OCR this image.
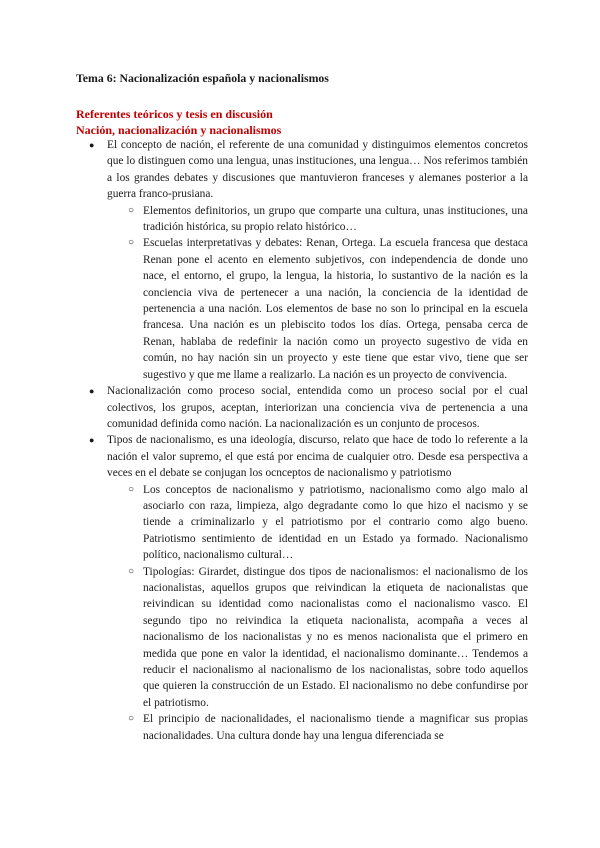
Tema 6: Nacionalización española y nacionalismos
Referentes teóricos y tesis en discusión
Nación, nacionalización y nacionalismos

● El concepto de nación, el referente de una comunidad y distinguimos elementos concretos que lo distinguen como una lengua, unas instituciones, una lengua… Nos referimos también a los grandes debates y discusiones que mantuvieron franceses y alemanes posterior a la guerra franco-prusiana.

○ Elementos definitorios, un grupo que comparte una cultura, unas instituciones, una tradición histórica, su propio relato histórico…

○ Escuelas interpretativas y debates: Renan, Ortega. La escuela francesa que destaca Renan pone el acento en elemento subjetivos, con independencia de donde uno nace, el entorno, el grupo, la lengua, la historia, lo sustantivo de la nación es la conciencia viva de pertenecer a una nación, la conciencia de la identidad de pertenencia a una nación. Los elementos de base no son lo principal en la escuela francesa. Una nación es un plebiscito todos los días. Ortega, pensaba cerca de Renan, hablaba de redefinir la nación como un proyecto sugestivo de vida en común, no hay nación sin un proyecto y este tiene que estar vivo, tiene que ser sugestivo y que me llame a realizarlo. La nación es un proyecto de convivencia.

● Nacionalización como proceso social, entendida como un proceso social por el cual colectivos, los grupos, aceptan, interiorizan una conciencia viva de pertenencia a una comunidad definida como nación. La nacionalización es un conjunto de procesos.

● Tipos de nacionalismo, es una ideología, discurso, relato que hace de todo lo referente a la nación el valor supremo, el que está por encima de cualquier otro. Desde esa perspectiva a veces en el debate se conjugan los ocnceptos de nacionalismo y patriotismo

○ Los conceptos de nacionalismo y patriotismo, nacionalismo como algo malo al asociarlo con raza, limpieza, algo degradante como lo que hizo el nacismo y se tiende a criminalizarlo y el patriotismo por el contrario como algo bueno. Patriotismo sentimiento de identidad en un Estado ya formado. Nacionalismo político, nacionalismo cultural…

○ Tipologías: Girardet, distingue dos tipos de nacionalismos: el nacionalismo de los nacionalistas, aquellos grupos que reivindican la etiqueta de nacionalistas que reivindican su identidad como nacionalistas como el nacionalismo vasco. El segundo tipo no reivindica la etiqueta nacionalista, acompaña a veces al nacionalismo de los nacionalistas y no es menos nacionalista que el primero en medida que pone en valor la identidad, el nacionalismo dominante… Tendemos a reducir el nacionalismo al nacionalismo de los nacionalistas, sobre todo aquellos que quieren la construcción de un Estado. El nacionalismo no debe confundirse por el patriotismo.

○ El principio de nacionalidades, el nacionalismo tiende a magnificar sus propias nacionalidades. Una cultura donde hay una lengua diferenciada se
